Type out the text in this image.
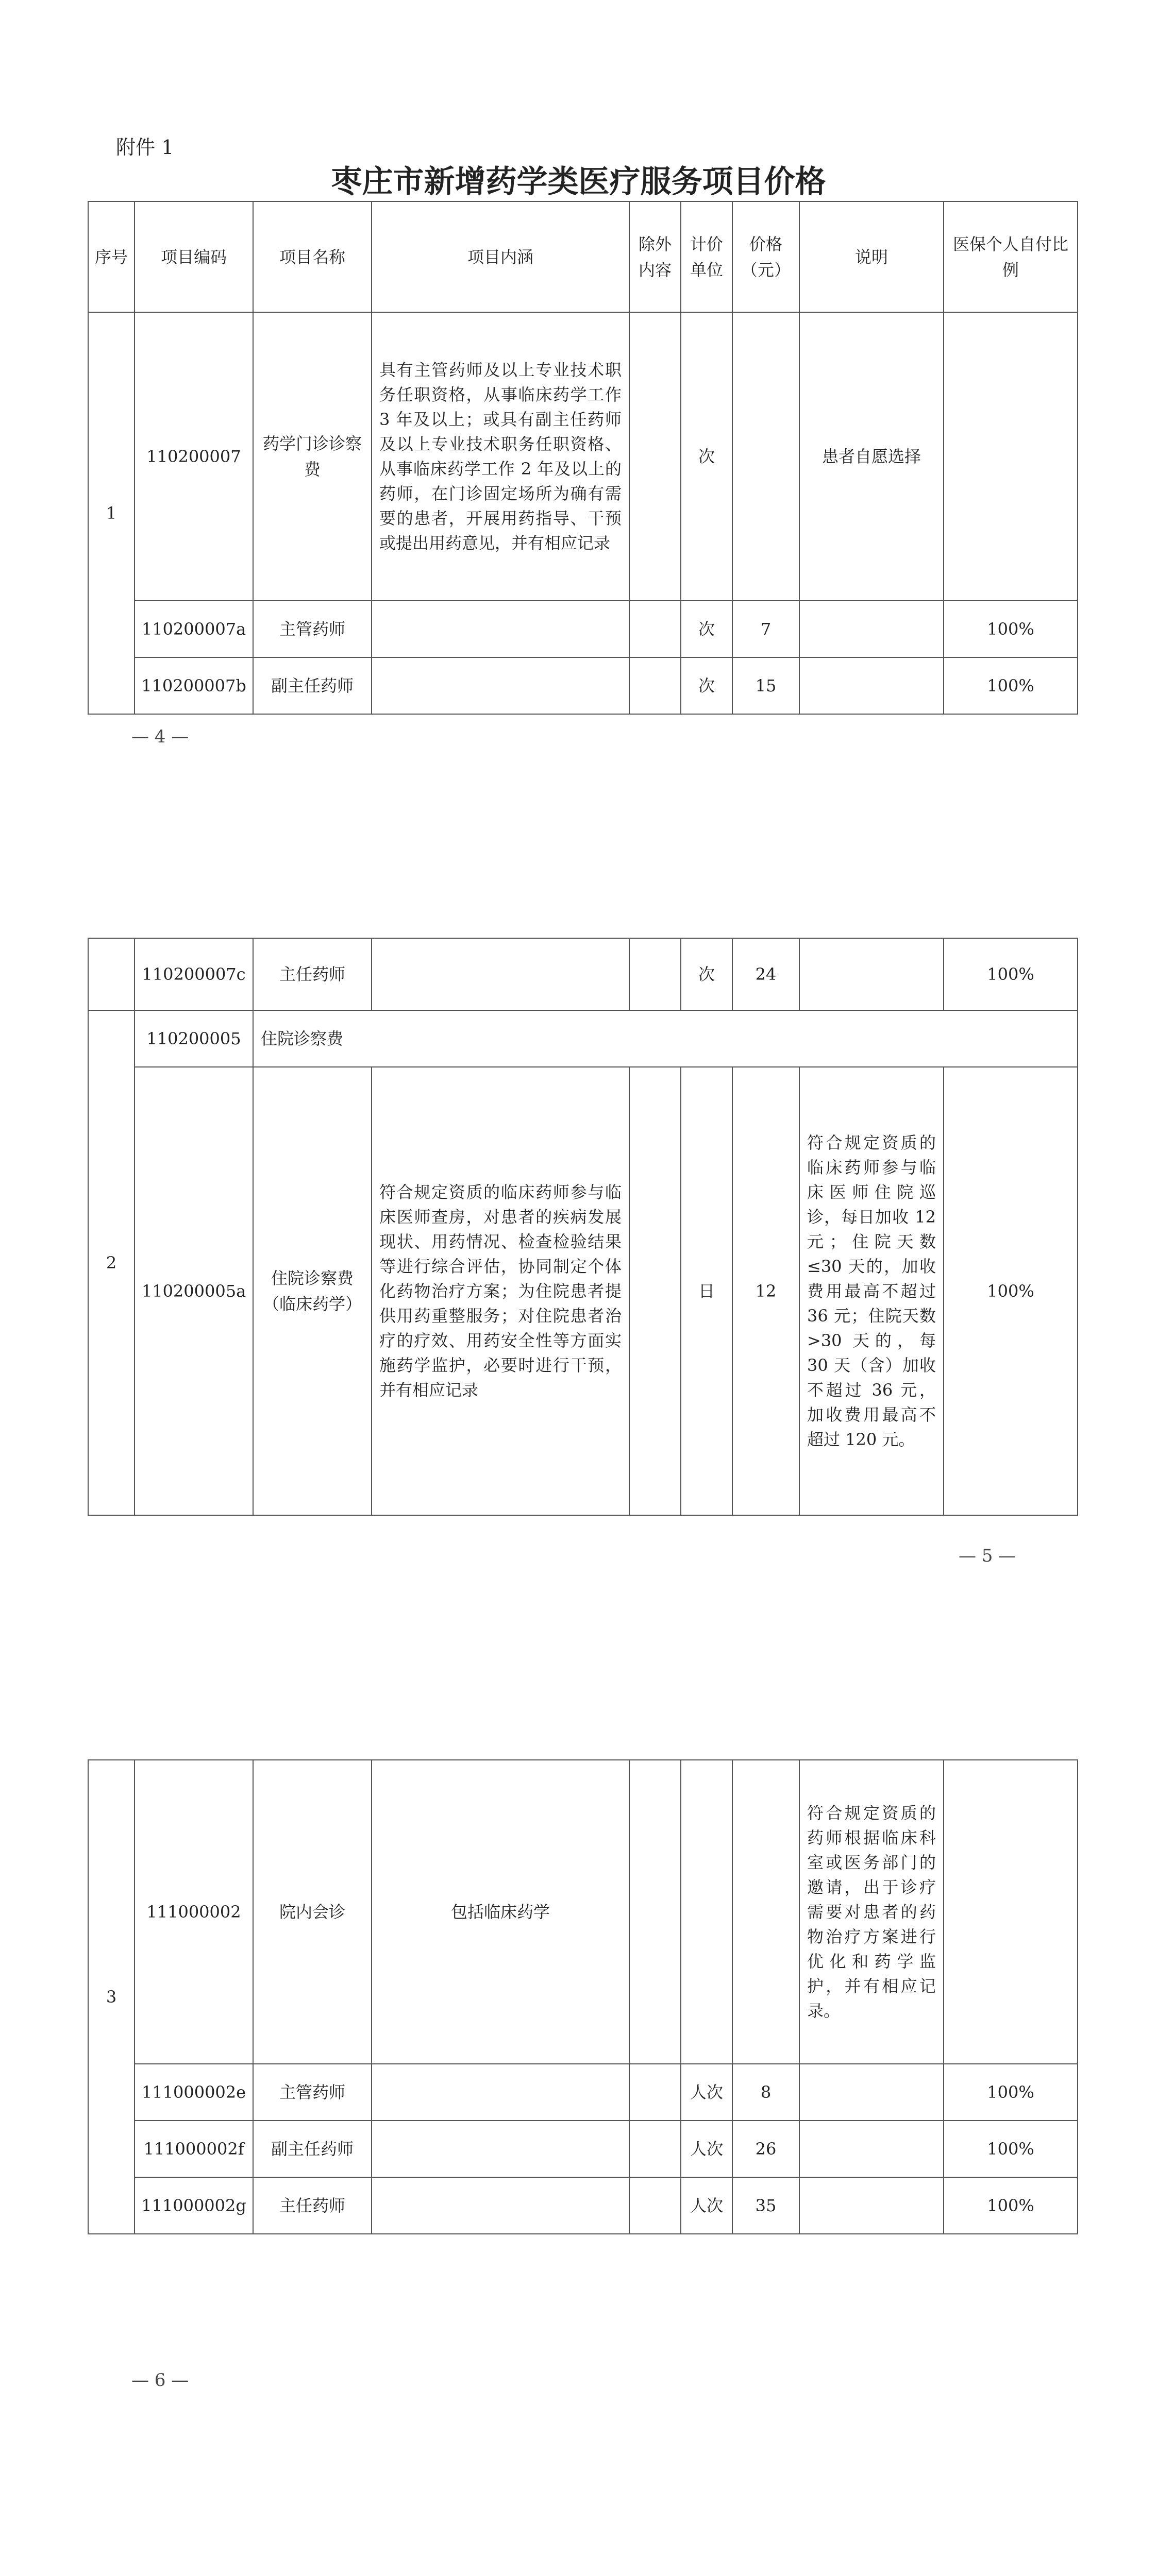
附件 1
枣庄市新增药学类医疗服务项目价格
序号	项目编码	项目名称	项目内涵	除外内容	计价单位	价格（元）	说明	医保个人自付比例
1	110200007	药学门诊诊察费	具有主管药师及以上专业技术职务任职资格，从事临床药学工作 3 年及以上；或具有副主任药师及以上专业技术职务任职资格、从事临床药学工作 2 年及以上的药师，在门诊固定场所为确有需要的患者，开展用药指导、干预或提出用药意见，并有相应记录		次		患者自愿选择	
	110200007a	主管药师			次	7		100%
	110200007b	副主任药师			次	15		100%
— 4 —
	110200007c	主任药师			次	24		100%
2	110200005	住院诊察费						
	110200005a	住院诊察费（临床药学）	符合规定资质的临床药师参与临床医师查房，对患者的疾病发展现状、用药情况、检查检验结果等进行综合评估，协同制定个体化药物治疗方案；为住院患者提供用药重整服务；对住院患者治疗的疗效、用药安全性等方面实施药学监护，必要时进行干预，并有相应记录		日	12	符合规定资质的临床药师参与临床医师住院巡诊，每日加收 12 元；住院天数≤30 天的，加收费用最高不超过 36 元；住院天数>30 天的，每 30 天（含）加收不超过 36 元，加收费用最高不超过 120 元。	100%
— 5 —
3	111000002	院内会诊	包括临床药学				符合规定资质的药师根据临床科室或医务部门的邀请，出于诊疗需要对患者的药物治疗方案进行优化和药学监护，并有相应记录。	
	111000002e	主管药师			人次	8		100%
	111000002f	副主任药师			人次	26		100%
	111000002g	主任药师			人次	35		100%
— 6 —
